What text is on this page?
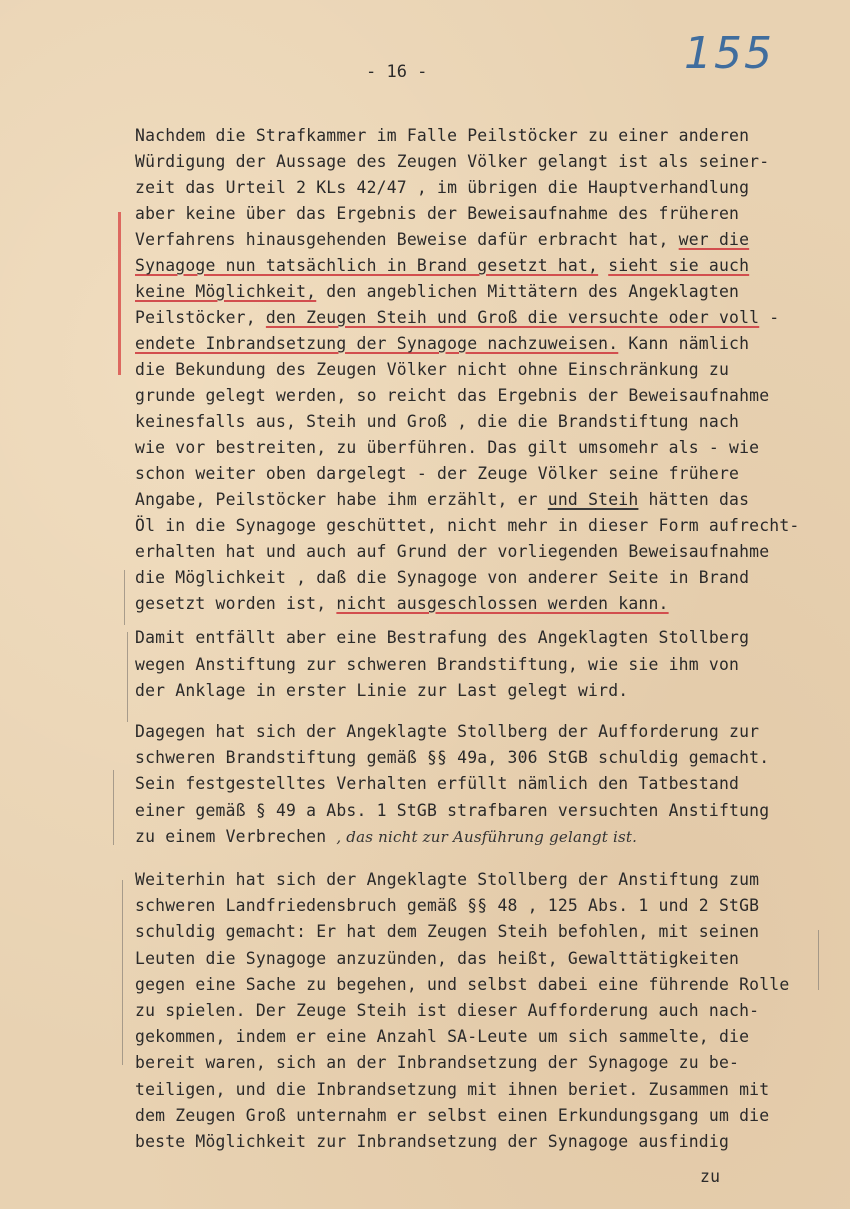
- 16 -	155
Nachdem die Strafkammer im Falle Peilstöcker zu einer anderen
Würdigung der Aussage des Zeugen Völker gelangt ist als seiner-
zeit das Urteil 2 KLs 42/47 , im übrigen die Hauptverhandlung
aber keine über das Ergebnis der Beweisaufnahme des früheren
Verfahrens hinausgehenden Beweise dafür erbracht hat, wer die
Synagoge nun tatsächlich in Brand gesetzt hat, sieht sie auch
keine Möglichkeit, den angeblichen Mittätern des Angeklagten
Peilstöcker, den Zeugen Steih und Groß die versuchte oder voll -
endete Inbrandsetzung der Synagoge nachzuweisen. Kann nämlich
die Bekundung des Zeugen Völker nicht ohne Einschränkung zu
grunde gelegt werden, so reicht das Ergebnis der Beweisaufnahme
keinesfalls aus, Steih und Groß , die die Brandstiftung nach
wie vor bestreiten, zu überführen. Das gilt umsomehr als - wie
schon weiter oben dargelegt - der Zeuge Völker seine frühere
Angabe, Peilstöcker habe ihm erzählt, er und Steih hätten das
Öl in die Synagoge geschüttet, nicht mehr in dieser Form aufrecht-
erhalten hat und auch auf Grund der vorliegenden Beweisaufnahme
die Möglichkeit , daß die Synagoge von anderer Seite in Brand
gesetzt worden ist, nicht ausgeschlossen werden kann.
Damit entfällt aber eine Bestrafung des Angeklagten Stollberg
wegen Anstiftung zur schweren Brandstiftung, wie sie ihm von
der Anklage in erster Linie zur Last gelegt wird.
Dagegen hat sich der Angeklagte Stollberg der Aufforderung zur
schweren Brandstiftung gemäß §§ 49a, 306 StGB schuldig gemacht.
Sein festgestelltes Verhalten erfüllt nämlich den Tatbestand
einer gemäß § 49 a Abs. 1 StGB strafbaren versuchten Anstiftung
zu einem Verbrechen , das nicht zur Ausführung gelangt ist.
Weiterhin hat sich der Angeklagte Stollberg der Anstiftung zum
schweren Landfriedensbruch gemäß §§ 48 , 125 Abs. 1 und 2 StGB
schuldig gemacht: Er hat dem Zeugen Steih befohlen, mit seinen
Leuten die Synagoge anzuzünden, das heißt, Gewalttätigkeiten
gegen eine Sache zu begehen, und selbst dabei eine führende Rolle
zu spielen. Der Zeuge Steih ist dieser Aufforderung auch nach-
gekommen, indem er eine Anzahl SA-Leute um sich sammelte, die
bereit waren, sich an der Inbrandsetzung der Synagoge zu be-
teiligen, und die Inbrandsetzung mit ihnen beriet. Zusammen mit
dem Zeugen Groß unternahm er selbst einen Erkundungsgang um die
beste Möglichkeit zur Inbrandsetzung der Synagoge ausfindig
zu
